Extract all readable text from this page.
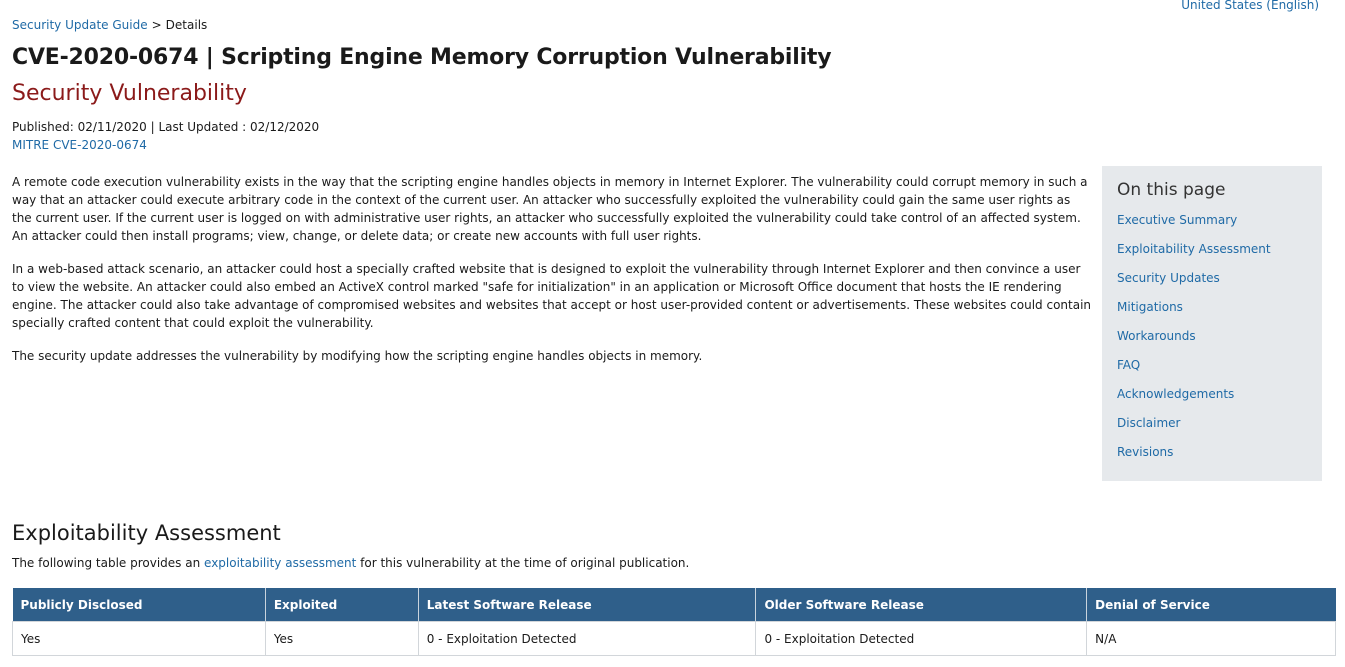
United States (English)
Security Update Guide > Details
CVE-2020-0674 | Scripting Engine Memory Corruption Vulnerability
Security Vulnerability
Published: 02/11/2020 | Last Updated : 02/12/2020
MITRE CVE-2020-0674

A remote code execution vulnerability exists in the way that the scripting engine handles objects in memory in Internet Explorer. The vulnerability could corrupt memory in such a way that an attacker could execute arbitrary code in the context of the current user. An attacker who successfully exploited the vulnerability could gain the same user rights as the current user. If the current user is logged on with administrative user rights, an attacker who successfully exploited the vulnerability could take control of an affected system. An attacker could then install programs; view, change, or delete data; or create new accounts with full user rights.

In a web-based attack scenario, an attacker could host a specially crafted website that is designed to exploit the vulnerability through Internet Explorer and then convince a user to view the website. An attacker could also embed an ActiveX control marked "safe for initialization" in an application or Microsoft Office document that hosts the IE rendering engine. The attacker could also take advantage of compromised websites and websites that accept or host user-provided content or advertisements. These websites could contain specially crafted content that could exploit the vulnerability.

The security update addresses the vulnerability by modifying how the scripting engine handles objects in memory.

On this page
Executive Summary
Exploitability Assessment
Security Updates
Mitigations
Workarounds
FAQ
Acknowledgements
Disclaimer
Revisions
Exploitability Assessment
The following table provides an exploitability assessment for this vulnerability at the time of original publication.
Publicly Disclosed	Exploited	Latest Software Release	Older Software Release	Denial of Service
Yes	Yes	0 - Exploitation Detected	0 - Exploitation Detected	N/A
